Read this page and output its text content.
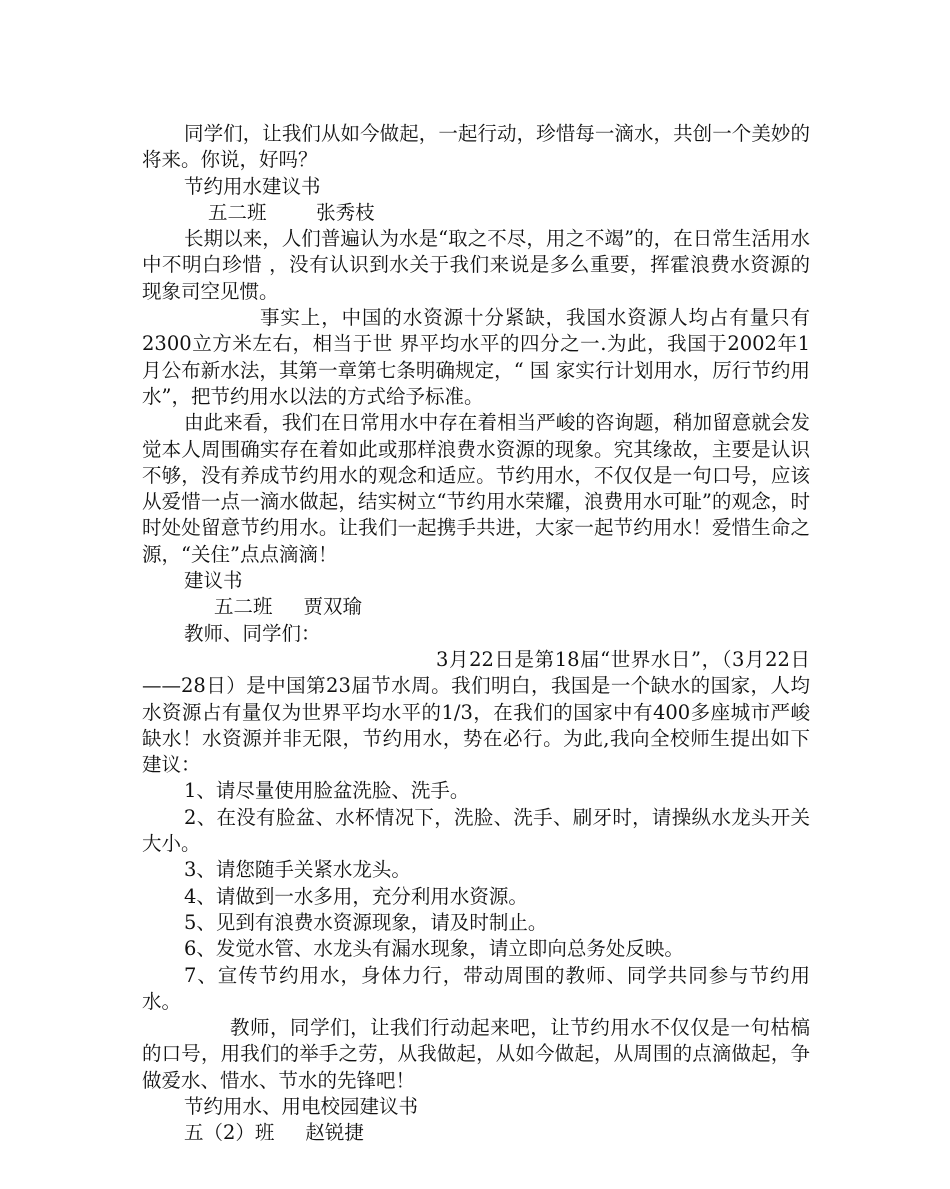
同学们，让我们从如今做起，一起行动，珍惜每一滴水，共创一个美妙的将来。你说，好吗？

节约用水建议书

五二班        张秀枝

长期以来，人们普遍认为水是“取之不尽，用之不竭”的，在日常生活用水中不明白珍惜 ，没有认识到水关于我们来说是多么重要，挥霍浪费水资源的现象司空见惯。

事实上，中国的水资源十分紧缺，我国水资源人均占有量只有2300立方米左右，相当于世 界平均水平的四分之一.为此，我国于2002年1月公布新水法，其第一章第七条明确规定，“ 国 家实行计划用水，厉行节约用水”，把节约用水以法的方式给予标准。

由此来看，我们在日常用水中存在着相当严峻的咨询题，稍加留意就会发觉本人周围确实存在着如此或那样浪费水资源的现象。究其缘故，主要是认识不够，没有养成节约用水的观念和适应。节约用水，不仅仅是一句口号，应该从爱惜一点一滴水做起，结实树立“节约用水荣耀，浪费用水可耻”的观念，时时处处留意节约用水。让我们一起携手共进，大家一起节约用水！爱惜生命之源，“关住”点点滴滴！

建议书

五二班     贾双瑜

教师、同学们：

3月22日是第18届“世界水日”，（3月22日——28日）是中国第23届节水周。我们明白，我国是一个缺水的国家，人均水资源占有量仅为世界平均水平的1/3，在我们的国家中有400多座城市严峻缺水！水资源并非无限，节约用水，势在必行。为此,我向全校师生提出如下建议：

1、请尽量使用脸盆洗脸、洗手。

2、在没有脸盆、水杯情况下，洗脸、洗手、刷牙时，请操纵水龙头开关大小。

3、请您随手关紧水龙头。

4、请做到一水多用，充分利用水资源。

5、见到有浪费水资源现象，请及时制止。

6、发觉水管、水龙头有漏水现象，请立即向总务处反映。

7、宣传节约用水，身体力行，带动周围的教师、同学共同参与节约用水。

教师，同学们，让我们行动起来吧，让节约用水不仅仅是一句枯槁的口号，用我们的举手之劳，从我做起，从如今做起，从周围的点滴做起，争做爱水、惜水、节水的先锋吧！

节约用水、用电校园建议书

五（2）班     赵锐捷
